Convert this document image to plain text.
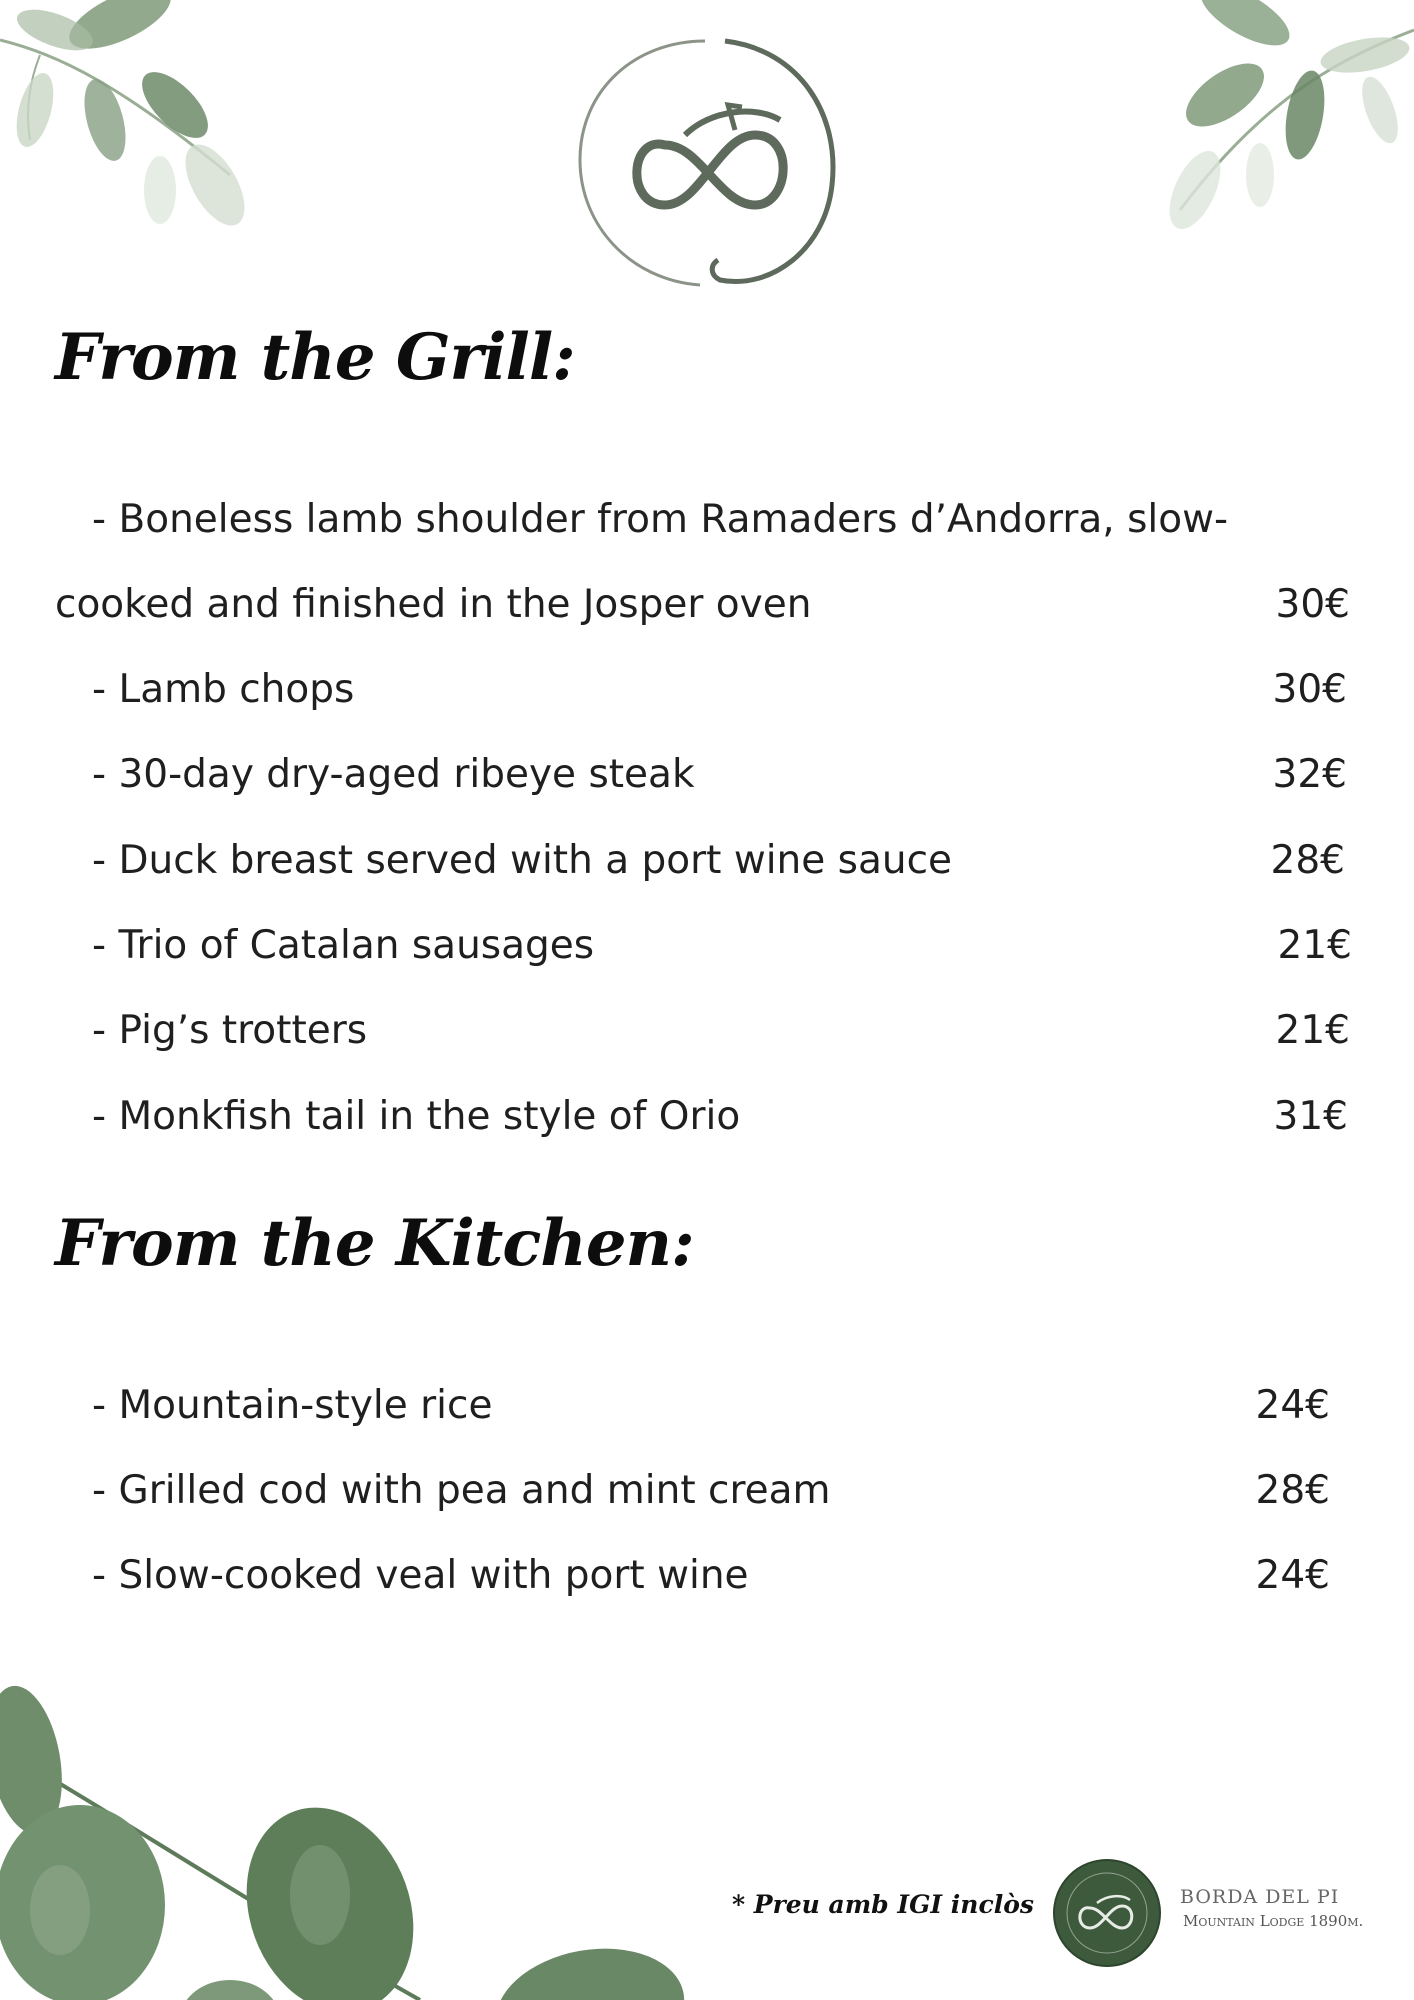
From the Grill:
- Boneless lamb shoulder from Ramaders d’Andorra, slow-
cooked and finished in the Josper oven	30€
- Lamb chops	30€
- 30-day dry-aged ribeye steak	32€
- Duck breast served with a port wine sauce	28€
- Trio of Catalan sausages	21€
- Pig’s trotters	21€
- Monkfish tail in the style of Orio	31€
From the Kitchen:
- Mountain-style rice	24€
- Grilled cod with pea and mint cream	28€
- Slow-cooked veal with port wine	24€
* Preu amb IGI inclòs	BORDA DEL PI
Mountain Lodge 1890m.
